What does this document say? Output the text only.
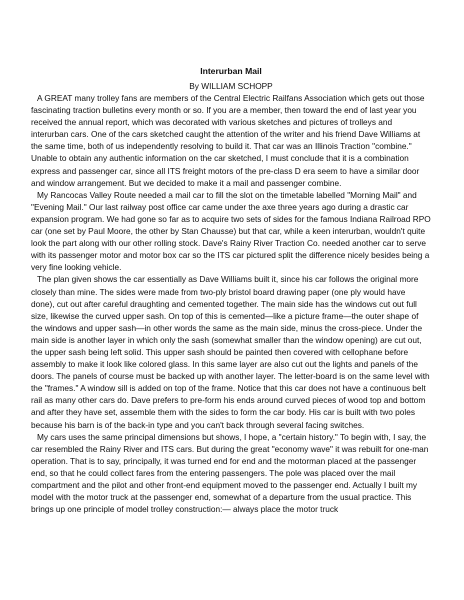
Interurban Mail
By WILLIAM SCHOPP

A GREAT many trolley fans are members of the Central Electric Railfans Association which gets out those fascinating traction bulletins every month or so. If you are a member, then toward the end of last year you received the annual report, which was decorated with various sketches and pictures of trolleys and interurban cars. One of the cars sketched caught the attention of the writer and his friend Dave Williams at the same time, both of us independently resolving to build it. That car was an Illinois Traction "combine." Unable to obtain any authentic information on the car sketched, I must conclude that it is a combination express and passenger car, since all ITS freight motors of the pre-class D era seem to have a similar door and window arrangement. But we decided to make it a mail and passenger combine.

My Rancocas Valley Route needed a mail car to fill the slot on the timetable labelled "Morning Mail" and "Evening Mail." Our last railway post office car came under the axe three years ago during a drastic car expansion program. We had gone so far as to acquire two sets of sides for the famous Indiana Railroad RPO car (one set by Paul Moore, the other by Stan Chausse) but that car, while a keen interurban, wouldn't quite look the part along with our other rolling stock. Dave's Rainy River Traction Co. needed another car to serve with its passenger motor and motor box car so the ITS car pictured split the difference nicely besides being a very fine looking vehicle.

The plan given shows the car essentially as Dave Williams built it, since his car follows the original more closely than mine. The sides were made from two-ply bristol board drawing paper (one ply would have done), cut out after careful draughting and cemented together. The main side has the windows cut out full size, likewise the curved upper sash. On top of this is cemented—like a picture frame—the outer shape of the windows and upper sash—in other words the same as the main side, minus the cross-piece. Under the main side is another layer in which only the sash (somewhat smaller than the window opening) are cut out, the upper sash being left solid. This upper sash should be painted then covered with cellophane before assembly to make it look like colored glass. In this same layer are also cut out the lights and panels of the doors. The panels of course must be backed up with another layer. The letter-board is on the same level with the "frames." A window sill is added on top of the frame. Notice that this car does not have a continuous belt rail as many other cars do. Dave prefers to pre-form his ends around curved pieces of wood top and bottom and after they have set, assemble them with the sides to form the car body. His car is built with two poles because his barn is of the back-in type and you can't back through several facing switches.

My cars uses the same principal dimensions but shows, I hope, a "certain history." To begin with, I say, the car resembled the Rainy River and ITS cars. But during the great "economy wave" it was rebuilt for one-man operation. That is to say, principally, it was turned end for end and the motorman placed at the passenger end, so that he could collect fares from the entering passengers. The pole was placed over the mail compartment and the pilot and other front-end equipment moved to the passenger end. Actually I built my model with the motor truck at the passenger end, somewhat of a departure from the usual practice. This brings up one principle of model trolley construction:— always place the motor truck
